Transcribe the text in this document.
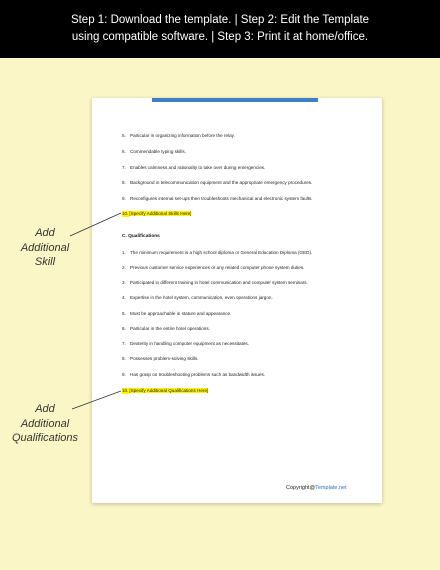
Step 1: Download the template. | Step 2: Edit the Template
using compatible software. | Step 3: Print it at home/office.
5. Particular in organizing information before the relay.
6. Commendable typing skills.
7. Enables calmness and rationality to take over during emergencies.
8. Background in telecommunication equipment and the appropriate emergency procedures.
9. Reconfigures internal set-ups then troubleshoots mechanical and electronic system faults.
10.[Specify Additional Skills Here]
C. Qualifications
1. The minimum requirement is a high school diploma or General Education Diploma (GED).
2. Previous customer service experiences or any related computer phone system duties.
3. Participated in different training in hotel communication and computer system seminars.
4. Expertise in the hotel system, communication, even operations jargon.
5. Must be approachable in stature and appearance.
6. Particular in the entire hotel operations.
7. Dexterity in handling computer equipment as necessitates.
8. Possesses problem-solving skills.
9. Has grasp on troubleshooting problems such as bandwidth issues.
10.[Specify Additional Qualifications Here]
Copyright@Template.net
Add
Additional
Skill
Add
Additional
Qualifications
